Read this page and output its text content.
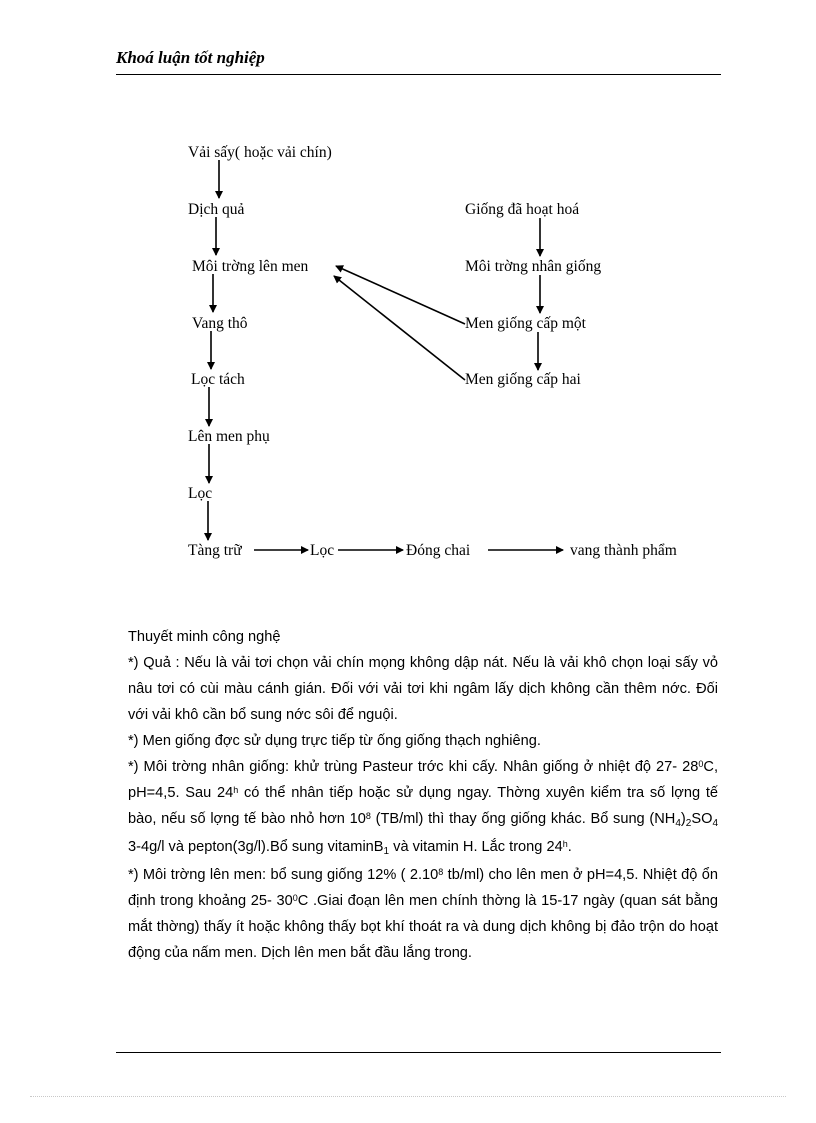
Khoá luận tốt nghiệp
Vải sấy( hoặc vải chín)
Dịch quả
Môi trờng lên men
Vang thô
Lọc tách
Lên men phụ
Lọc
Tàng trữ	Lọc	Đóng chai	vang thành phẩm
Giống đã hoạt hoá
Môi trờng nhân giống
Men giống cấp một
Men giống cấp hai

Thuyết minh công nghệ

*) Quả : Nếu là vải tơi chọn vải chín mọng không dập nát. Nếu là vải khô chọn loại sấy vỏ nâu tơi có cùi màu cánh gián. Đối với vải tơi khi ngâm lấy dịch không cần thêm nớc. Đối với vải khô cần bổ sung nớc sôi để nguội.

*) Men giống đợc sử dụng trực tiếp từ ống giống thạch nghiêng.

*) Môi trờng nhân giống: khử trùng Pasteur trớc khi cấy. Nhân giống ở nhiệt độ 27- $28^0C$, pH=4,5. Sau 24$^h$ có thể nhân tiếp hoặc sử dụng ngay. Thờng xuyên kiểm tra số lợng tế bào, nếu số lợng tế bào nhỏ hơn $10^8$ (TB/ml) thì thay ống giống khác. Bổ sung $(NH_4)_2SO_4$ 3-4g/l và pepton(3g/l).Bổ sung vitaminB$_1$ và vitamin H. Lắc trong 24$^h$.

*) Môi trờng lên men: bổ sung giống 12% ( 2.10$^8$ tb/ml) cho lên men ở pH=4,5. Nhiệt độ ổn định trong khoảng 25- $30^0C$ .Giai đoạn lên men chính thờng là 15-17 ngày (quan sát bằng mắt thờng) thấy ít hoặc không thấy bọt khí thoát ra và dung dịch không bị đảo trộn do hoạt động của nấm men. Dịch lên men bắt đầu lắng trong.
